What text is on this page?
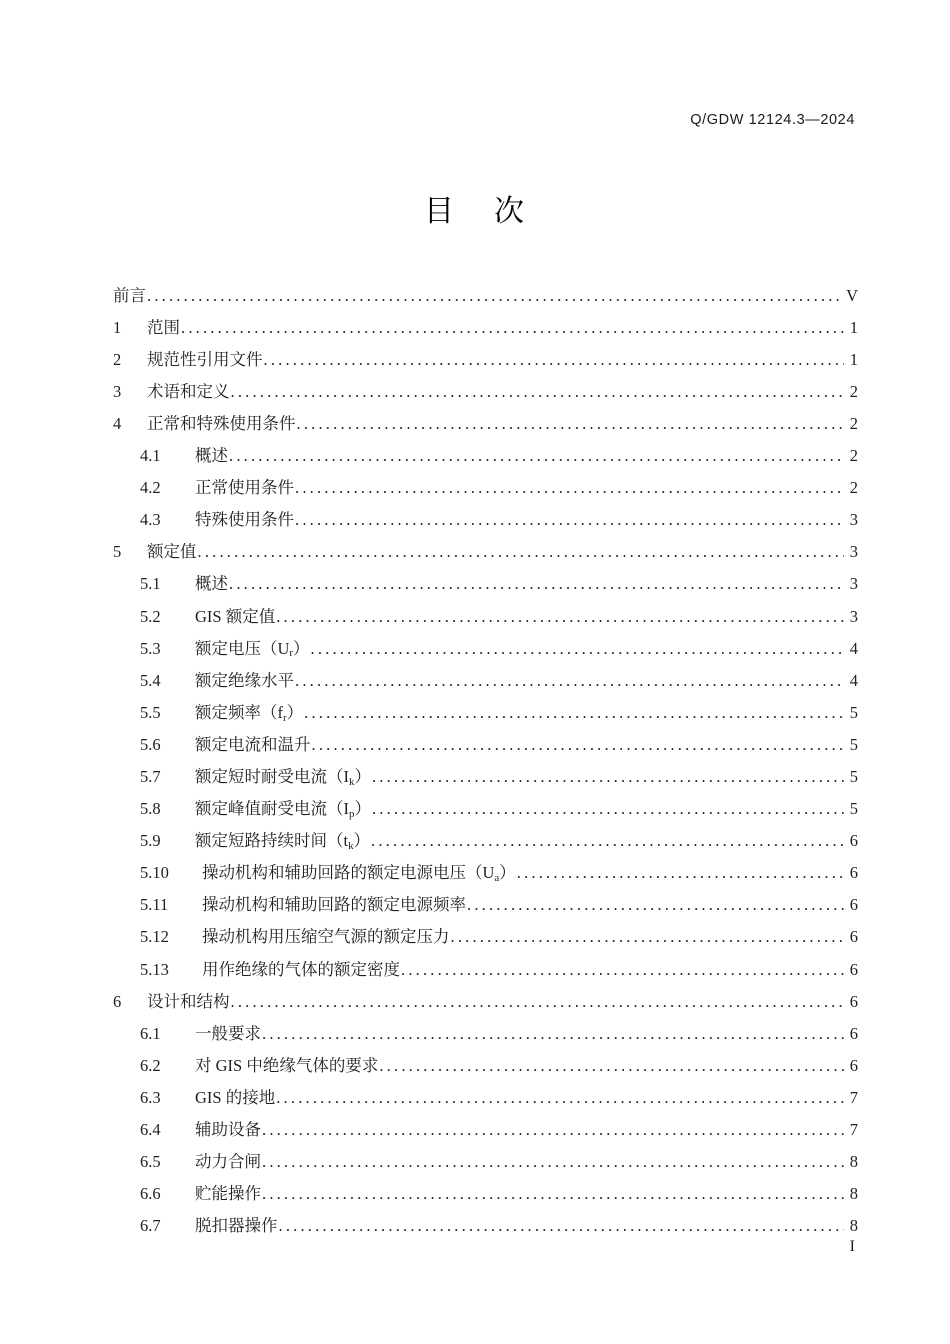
Q/GDW 12124.3—2024
目    次
前言 .....	V
1	范围 .....	1
2	规范性引用文件 .....	1
3	术语和定义 .....	2
4	正常和特殊使用条件 .....	2
4.1	概述 .....	2
4.2	正常使用条件 .....	2
4.3	特殊使用条件 .....	3
5	额定值 .....	3
5.1	概述 .....	3
5.2	GIS 额定值 .....	3
5.3	额定电压$(U_r)$ .....	4
5.4	额定绝缘水平 .....	4
5.5	额定频率$(f_r)$ .....	5
5.6	额定电流和温升 .....	5
5.7	额定短时耐受电流$(I_k)$ .....	5
5.8	额定峰值耐受电流$(I_p)$ .....	5
5.9	额定短路持续时间$(t_k)$ .....	6
5.10	操动机构和辅助回路的额定电源电压$(U_a)$ .....	6
5.11	操动机构和辅助回路的额定电源频率 .....	6
5.12	操动机构用压缩空气源的额定压力 .....	6
5.13	用作绝缘的气体的额定密度 .....	6
6	设计和结构 .....	6
6.1	一般要求 .....	6
6.2	对 GIS 中绝缘气体的要求 .....	6
6.3	GIS 的接地 .....	7
6.4	辅助设备 .....	7
6.5	动力合闸 .....	8
6.6	贮能操作 .....	8
6.7	脱扣器操作 .....	8
I
